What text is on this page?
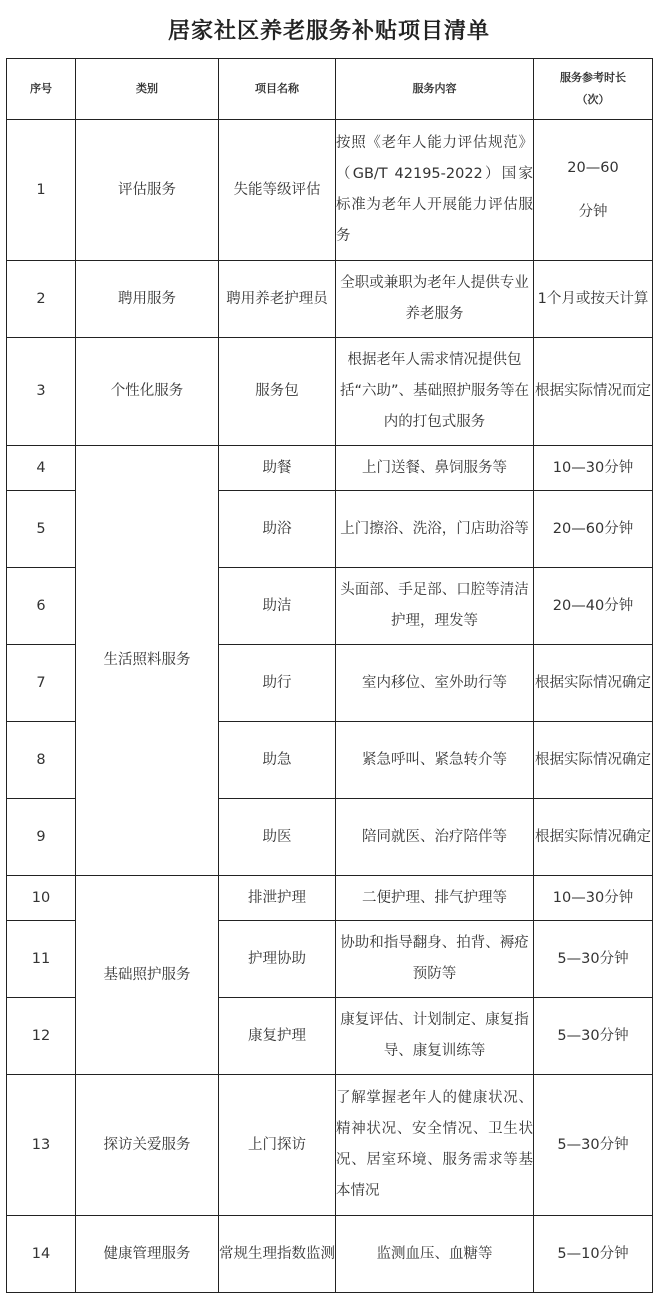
居家社区养老服务补贴项目清单
序号	类别	项目名称	服务内容	服务参考时长
（次）

1	评估服务	失能等级评估	按照《老年人能力评估规范》（GB/T 42195-2022）国家标准为老年人开展能力评估服务	20—60
分钟

2	聘用服务	聘用养老护理员	全职或兼职为老年人提供专业养老服务	1个月或按天计算
3	个性化服务	服务包	根据老年人需求情况提供包括“六助”、基础照护服务等在内的打包式服务	根据实际情况而定
4	生活照料服务	助餐	上门送餐、鼻饲服务等	10—30分钟
5		助浴	上门擦浴、洗浴，门店助浴等	20—60分钟
6		助洁	头面部、手足部、口腔等清洁护理，理发等	20—40分钟
7		助行	室内移位、室外助行等	根据实际情况确定
8		助急	紧急呼叫、紧急转介等	根据实际情况确定
9		助医	陪同就医、治疗陪伴等	根据实际情况确定
10	基础照护服务	排泄护理	二便护理、排气护理等	10—30分钟
11		护理协助	协助和指导翻身、拍背、褥疮预防等	5—30分钟
12		康复护理	康复评估、计划制定、康复指导、康复训练等	5—30分钟
13	探访关爱服务	上门探访	了解掌握老年人的健康状况、精神状况、安全情况、卫生状况、居室环境、服务需求等基本情况	5—30分钟
14	健康管理服务	常规生理指数监测	监测血压、血糖等	5—10分钟
